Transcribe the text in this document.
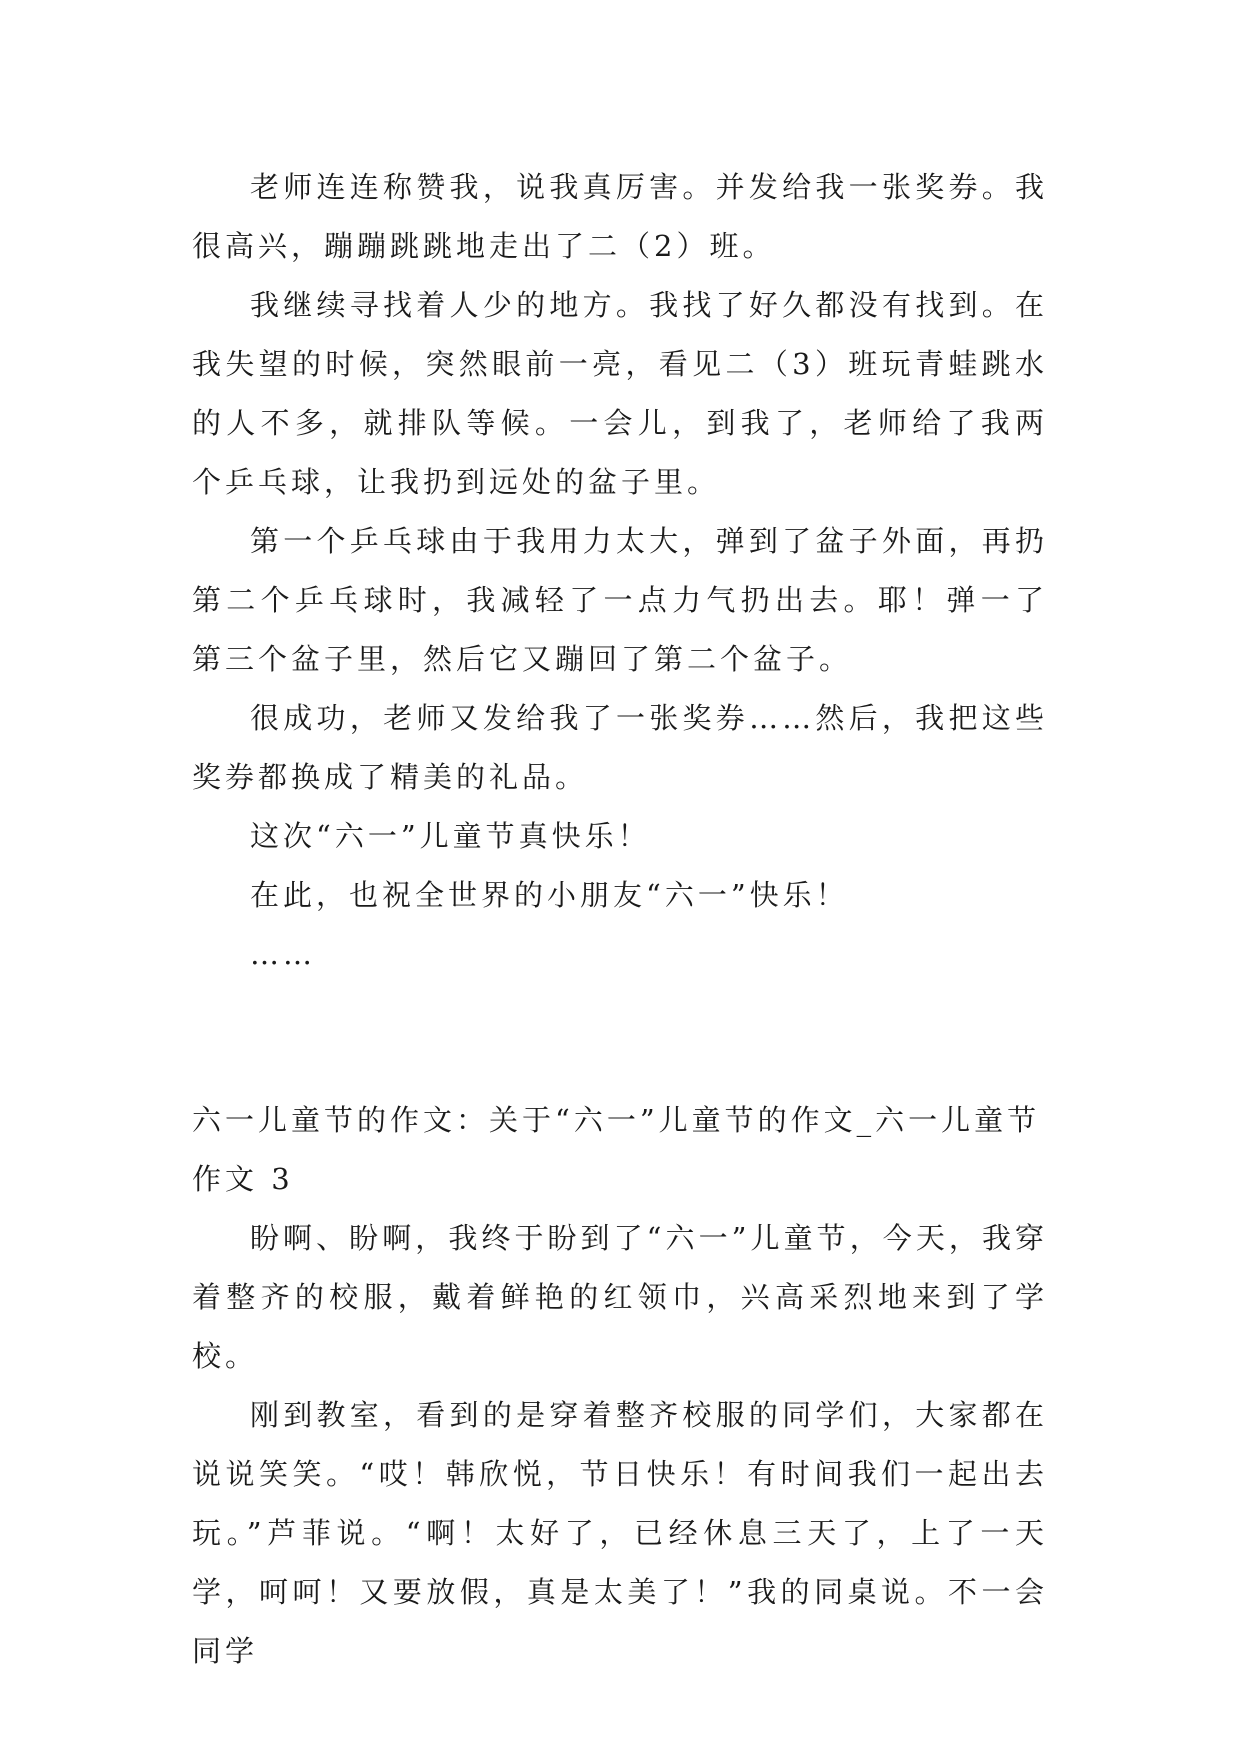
老师连连称赞我，说我真厉害。并发给我一张奖券。我很高兴，蹦蹦跳跳地走出了二（2）班。

我继续寻找着人少的地方。我找了好久都没有找到。在我失望的时候，突然眼前一亮，看见二（3）班玩青蛙跳水的人不多，就排队等候。一会儿，到我了，老师给了我两个乒乓球，让我扔到远处的盆子里。

第一个乒乓球由于我用力太大，弹到了盆子外面，再扔第二个乒乓球时，我减轻了一点力气扔出去。耶！弹一了第三个盆子里，然后它又蹦回了第二个盆子。

很成功，老师又发给我了一张奖券……然后，我把这些奖券都换成了精美的礼品。

这次“六一”儿童节真快乐！

在此，也祝全世界的小朋友“六一”快乐！

……

六一儿童节的作文：关于“六一”儿童节的作文_六一儿童节作文 3

盼啊、盼啊，我终于盼到了“六一”儿童节，今天，我穿着整齐的校服，戴着鲜艳的红领巾，兴高采烈地来到了学校。

刚到教室，看到的是穿着整齐校服的同学们，大家都在说说笑笑。“哎！韩欣悦，节日快乐！有时间我们一起出去玩。”芦菲说。“啊！太好了，已经休息三天了，上了一天学，呵呵！又要放假，真是太美了！”我的同桌说。不一会同学
